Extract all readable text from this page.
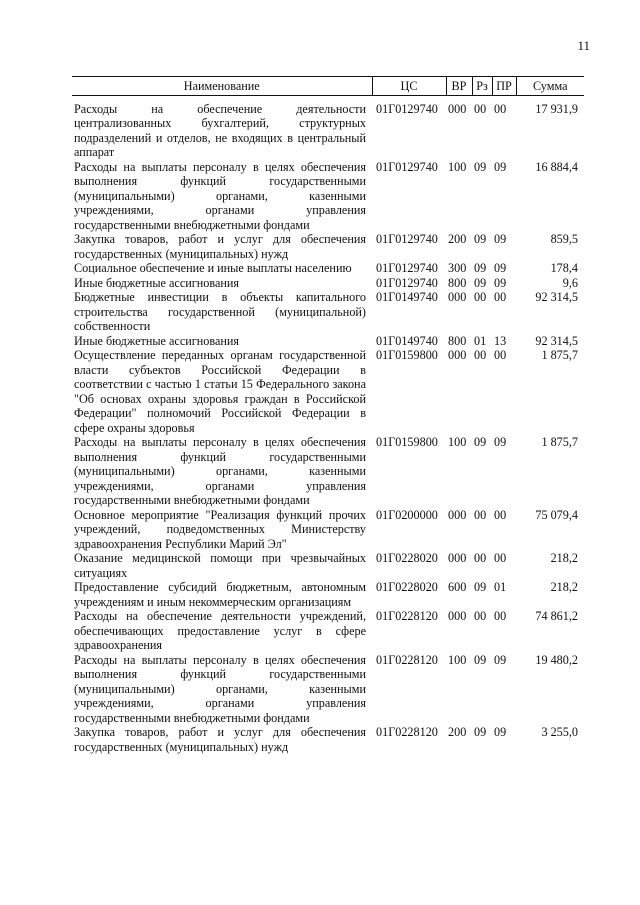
11
Наименование	ЦС	ВР	Рз	ПР	Сумма
Расходы на обеспечение деятельности централизованных бухгалтерий, структурных подразделений и отделов, не входящих в центральный аппарат	01Г0129740	000	00	00	17 931,9
Расходы на выплаты персоналу в целях обеспечения выполнения функций государственными (муниципальными) органами, казенными учреждениями, органами управления государственными внебюджетными фондами	01Г0129740	100	09	09	16 884,4
Закупка товаров, работ и услуг для обеспечения государственных (муниципальных) нужд	01Г0129740	200	09	09	859,5
Социальное обеспечение и иные выплаты населению	01Г0129740	300	09	09	178,4
Иные бюджетные ассигнования	01Г0129740	800	09	09	9,6
Бюджетные инвестиции в объекты капитального строительства государственной (муниципальной) собственности	01Г0149740	000	00	00	92 314,5
Иные бюджетные ассигнования	01Г0149740	800	01	13	92 314,5
Осуществление переданных органам государственной власти субъектов Российской Федерации в соответствии с частью 1 статьи 15 Федерального закона "Об основах охраны здоровья граждан в Российской Федерации" полномочий Российской Федерации в сфере охраны здоровья	01Г0159800	000	00	00	1 875,7
Расходы на выплаты персоналу в целях обеспечения выполнения функций государственными (муниципальными) органами, казенными учреждениями, органами управления государственными внебюджетными фондами	01Г0159800	100	09	09	1 875,7
Основное мероприятие "Реализация функций прочих учреждений, подведомственных Министерству здравоохранения Республики Марий Эл"	01Г0200000	000	00	00	75 079,4
Оказание медицинской помощи при чрезвычайных ситуациях	01Г0228020	000	00	00	218,2
Предоставление субсидий бюджетным, автономным учреждениям и иным некоммерческим организациям	01Г0228020	600	09	01	218,2
Расходы на обеспечение деятельности учреждений, обеспечивающих предоставление услуг в сфере здравоохранения	01Г0228120	000	00	00	74 861,2
Расходы на выплаты персоналу в целях обеспечения выполнения функций государственными (муниципальными) органами, казенными учреждениями, органами управления государственными внебюджетными фондами	01Г0228120	100	09	09	19 480,2
Закупка товаров, работ и услуг для обеспечения государственных (муниципальных) нужд	01Г0228120	200	09	09	3 255,0
